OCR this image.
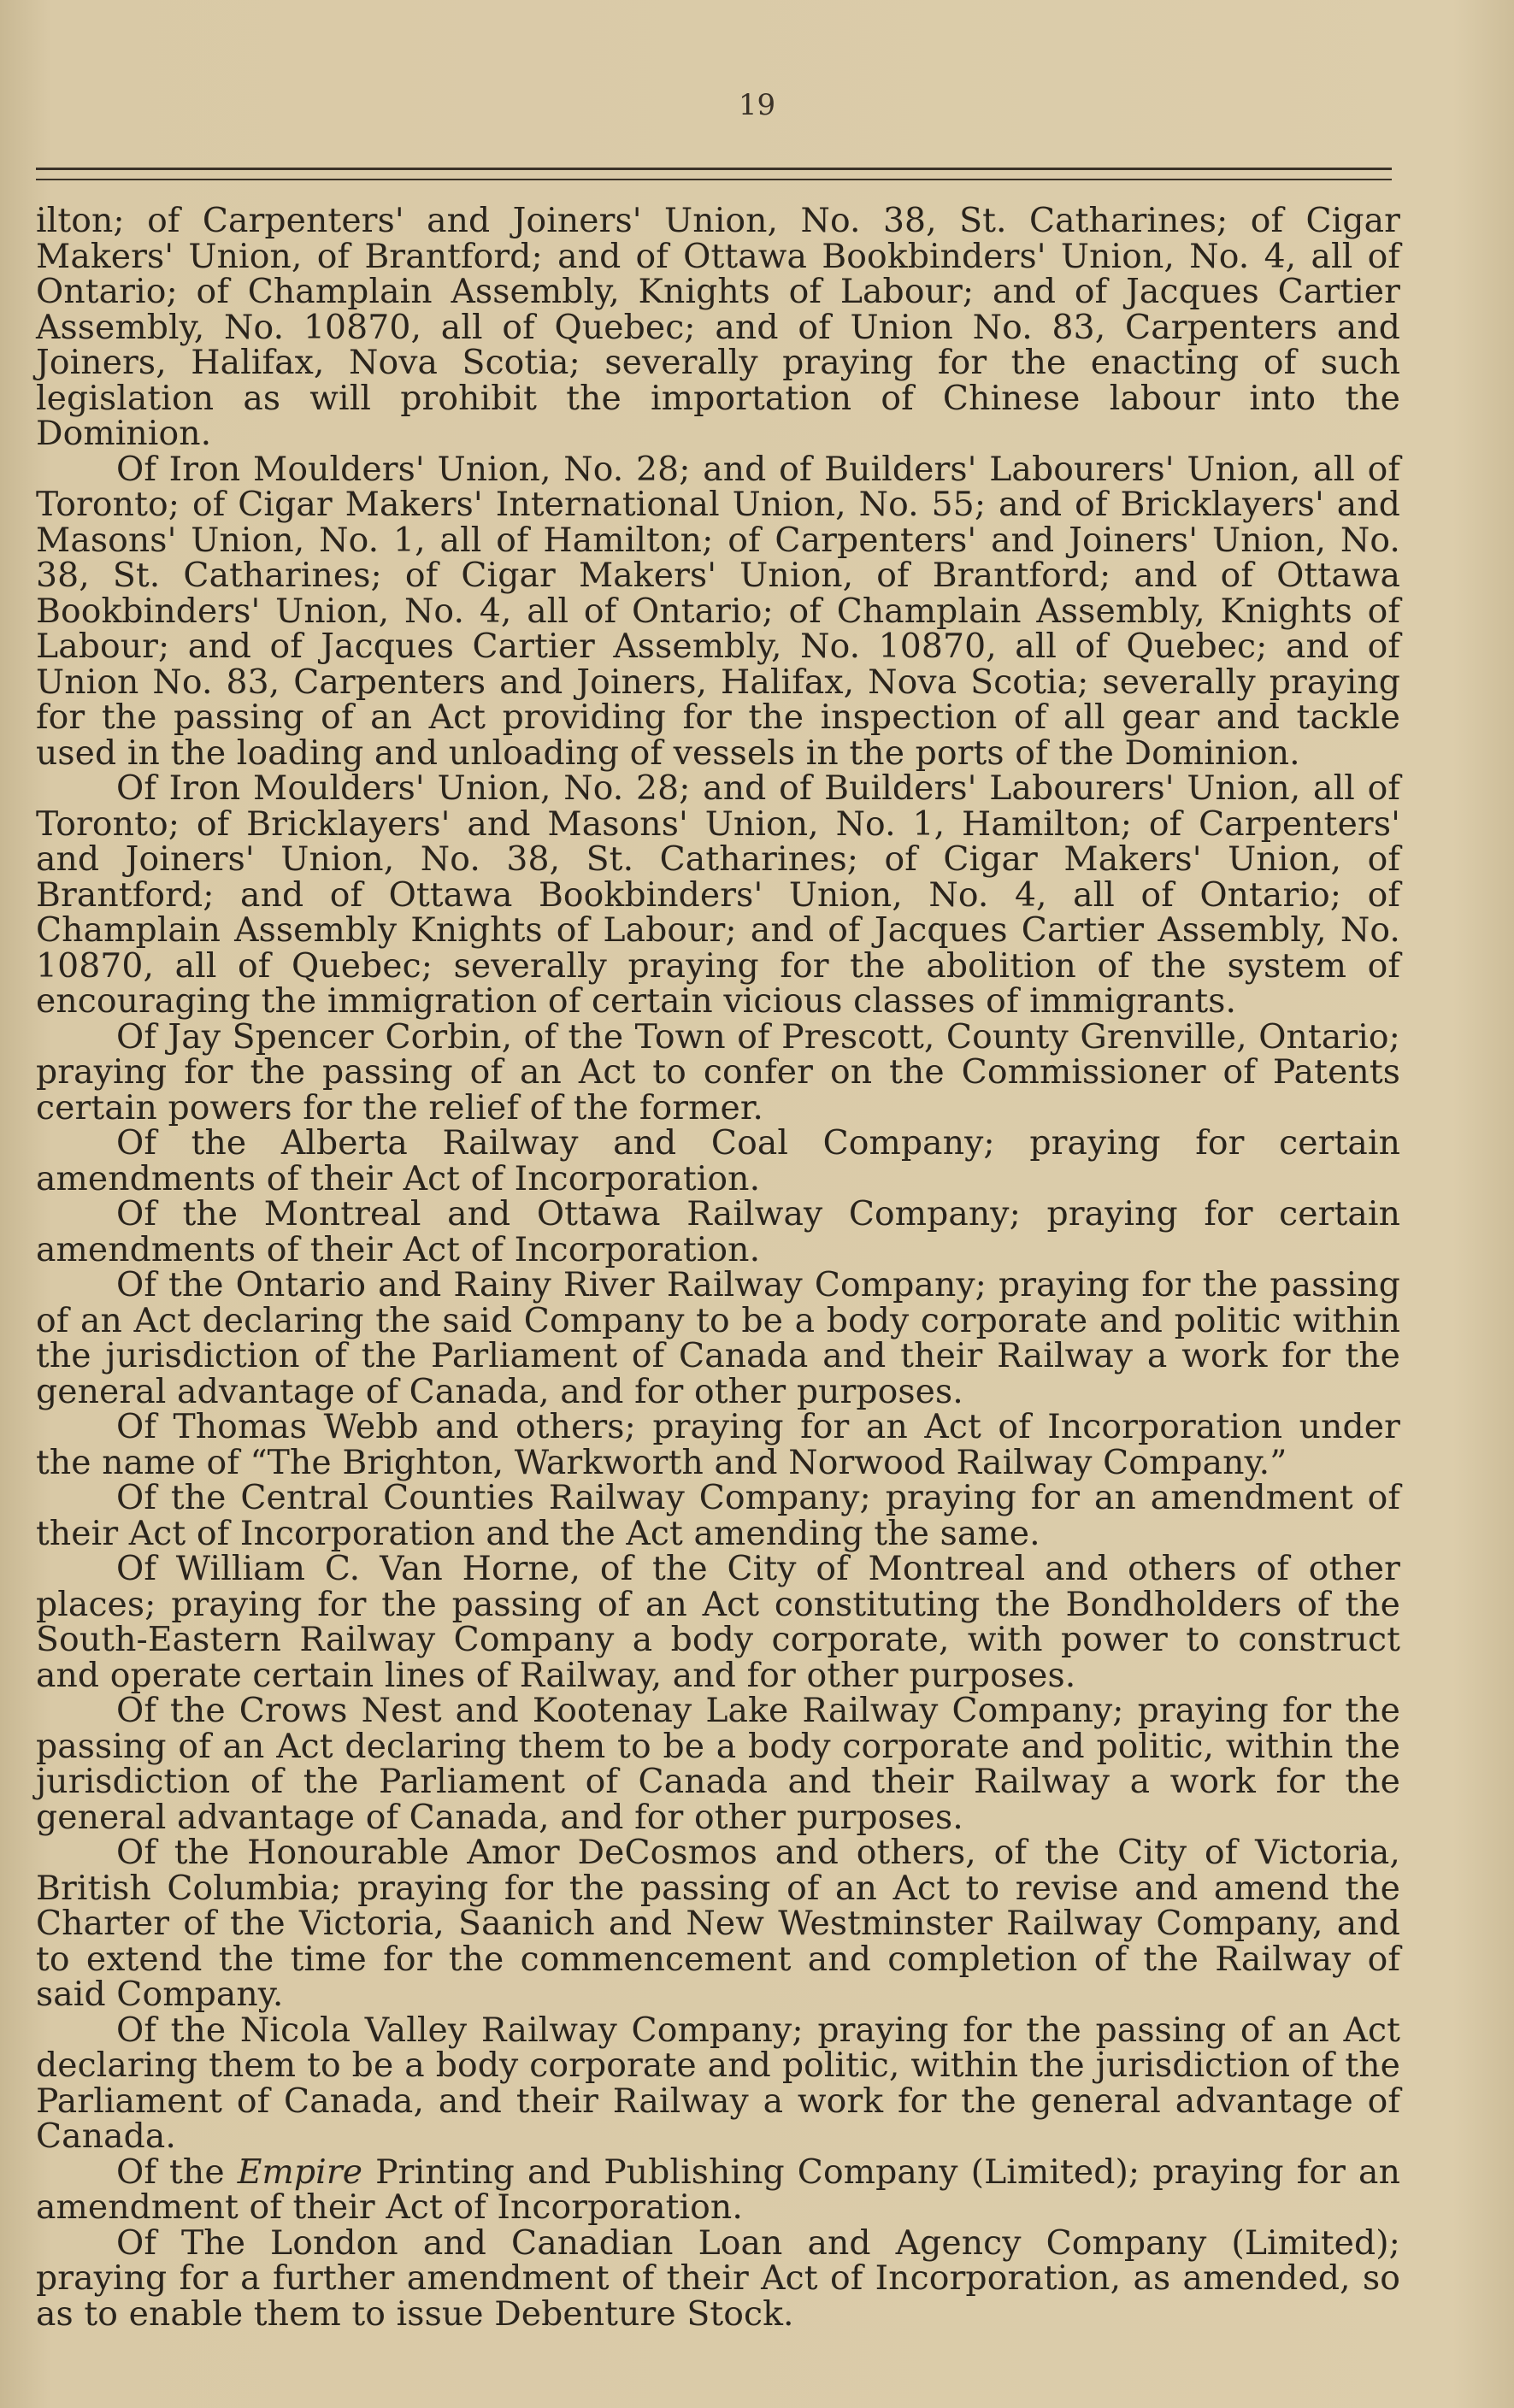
19

ilton; of Carpenters' and Joiners' Union, No. 38, St. Catharines; of Cigar Makers' Union, of Brantford; and of Ottawa Bookbinders' Union, No. 4, all of Ontario; of Champlain Assembly, Knights of Labour; and of Jacques Cartier Assembly, No. 10870, all of Quebec; and of Union No. 83, Carpenters and Joiners, Halifax, Nova Scotia; severally praying for the enacting of such legislation as will prohibit the importation of Chinese labour into the Dominion.

Of Iron Moulders' Union, No. 28; and of Builders' Labourers' Union, all of Toronto; of Cigar Makers' International Union, No. 55; and of Bricklayers' and Masons' Union, No. 1, all of Hamilton; of Carpenters' and Joiners' Union, No. 38, St. Catharines; of Cigar Makers' Union, of Brantford; and of Ottawa Bookbinders' Union, No. 4, all of Ontario; of Champlain Assembly, Knights of Labour; and of Jacques Cartier Assembly, No. 10870, all of Quebec; and of Union No. 83, Carpenters and Joiners, Halifax, Nova Scotia; severally praying for the passing of an Act providing for the inspection of all gear and tackle used in the loading and unloading of vessels in the ports of the Dominion.

Of Iron Moulders' Union, No. 28; and of Builders' Labourers' Union, all of Toronto; of Bricklayers' and Masons' Union, No. 1, Hamilton; of Carpenters' and Joiners' Union, No. 38, St. Catharines; of Cigar Makers' Union, of Brantford; and of Ottawa Bookbinders' Union, No. 4, all of Ontario; of Champlain Assembly Knights of Labour; and of Jacques Cartier Assembly, No. 10870, all of Quebec; severally praying for the abolition of the system of encouraging the immigration of certain vicious classes of immigrants.

Of Jay Spencer Corbin, of the Town of Prescott, County Grenville, Ontario; praying for the passing of an Act to confer on the Commissioner of Patents certain powers for the relief of the former.

Of the Alberta Railway and Coal Company; praying for certain amendments of their Act of Incorporation.

Of the Montreal and Ottawa Railway Company; praying for certain amendments of their Act of Incorporation.

Of the Ontario and Rainy River Railway Company; praying for the passing of an Act declaring the said Company to be a body corporate and politic within the jurisdiction of the Parliament of Canada and their Railway a work for the general advantage of Canada, and for other purposes.

Of Thomas Webb and others; praying for an Act of Incorporation under the name of “The Brighton, Warkworth and Norwood Railway Company.”

Of the Central Counties Railway Company; praying for an amendment of their Act of Incorporation and the Act amending the same.

Of William C. Van Horne, of the City of Montreal and others of other places; praying for the passing of an Act constituting the Bondholders of the South-Eastern Railway Company a body corporate, with power to construct and operate certain lines of Railway, and for other purposes.

Of the Crows Nest and Kootenay Lake Railway Company; praying for the passing of an Act declaring them to be a body corporate and politic, within the jurisdiction of the Parliament of Canada and their Railway a work for the general advantage of Canada, and for other purposes.

Of the Honourable Amor DeCosmos and others, of the City of Victoria, British Columbia; praying for the passing of an Act to revise and amend the Charter of the Victoria, Saanich and New Westminster Railway Company, and to extend the time for the commencement and completion of the Railway of said Company.

Of the Nicola Valley Railway Company; praying for the passing of an Act declaring them to be a body corporate and politic, within the jurisdiction of the Parliament of Canada, and their Railway a work for the general advantage of Canada.

Of the Empire Printing and Publishing Company (Limited); praying for an amendment of their Act of Incorporation.

Of The London and Canadian Loan and Agency Company (Limited); praying for a further amendment of their Act of Incorporation, as amended, so as to enable them to issue Debenture Stock.
